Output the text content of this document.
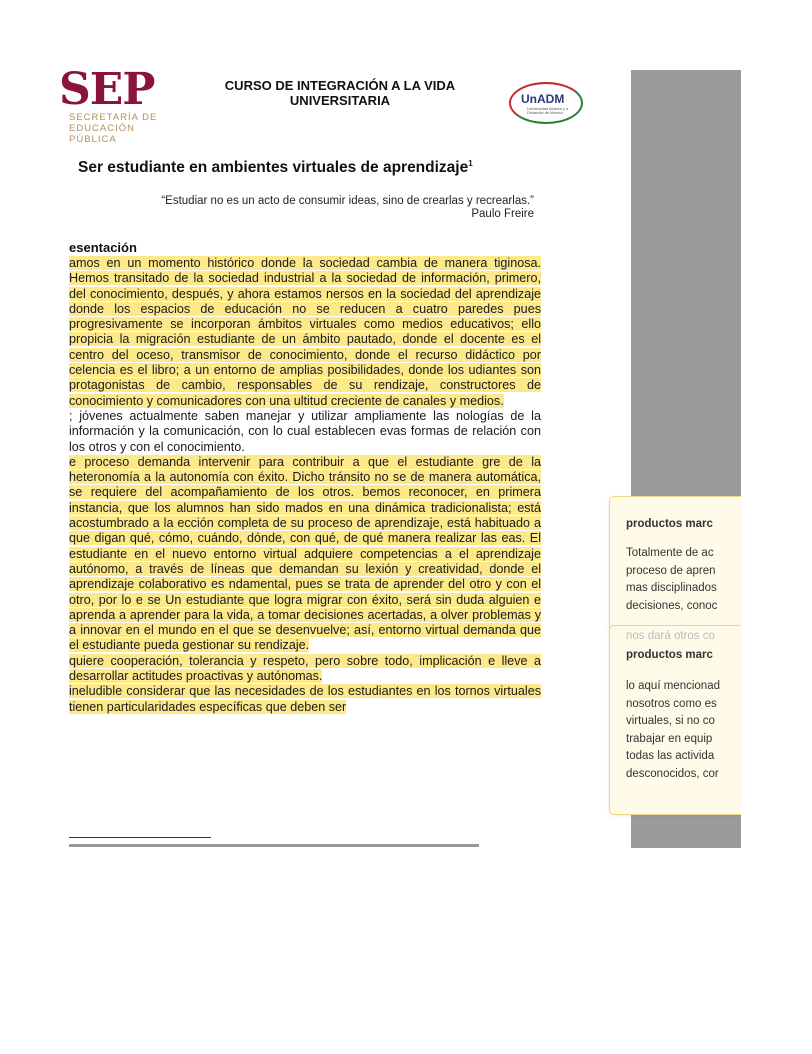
SEP
SECRETARÍA DE
EDUCACIÓN PÚBLICA
CURSO DE INTEGRACIÓN A LA VIDA UNIVERSITARIA	UnADM
Universidad Abierta y a Distancia de México
Ser estudiante en ambientes virtuales de aprendizaje$^1$
“Estudiar no es un acto de consumir ideas, sino de crearlas y recrearlas.”
Paulo Freire
esentación

amos en un momento histórico donde la sociedad cambia de manera tiginosa. Hemos transitado de la sociedad industrial a la sociedad de información, primero, del conocimiento, después, y ahora estamos nersos en la sociedad del aprendizaje donde los espacios de educación no se reducen a cuatro paredes pues progresivamente se incorporan ámbitos virtuales como medios educativos; ello propicia la migración estudiante de un ámbito pautado, donde el docente es el centro del oceso, transmisor de conocimiento, donde el recurso didáctico por celencia es el libro; a un entorno de amplias posibilidades, donde los udiantes son protagonistas de cambio, responsables de su rendizaje, constructores de conocimiento y comunicadores con una ultitud creciente de canales y medios.

; jóvenes actualmente saben manejar y utilizar ampliamente las nologías de la información y la comunicación, con lo cual establecen evas formas de relación con los otros y con el conocimiento.

e proceso demanda intervenir para contribuir a que el estudiante gre de la heteronomía a la autonomía con éxito. Dicho tránsito no se de manera automática, se requiere del acompañamiento de los otros. bemos reconocer, en primera instancia, que los alumnos han sido mados en una dinámica tradicionalista; está acostumbrado a la ección completa de su proceso de aprendizaje, está habituado a que digan qué, cómo, cuándo, dónde, con qué, de qué manera realizar las eas. El estudiante en el nuevo entorno virtual adquiere competencias a el aprendizaje autónomo, a través de líneas que demandan su lexión y creatividad, donde el aprendizaje colaborativo es ndamental, pues se trata de aprender del otro y con el otro, por lo e se Un estudiante que logra migrar con éxito, será sin duda alguien e aprenda a aprender para la vida, a tomar decisiones acertadas, a olver problemas y a innovar en el mundo en el que se desenvuelve; así, entorno virtual demanda que el estudiante pueda gestionar su rendizaje.

quiere cooperación, tolerancia y respeto, pero sobre todo, implicación e lleve a desarrollar actitudes proactivas y autónomas.

ineludible considerar que las necesidades de los estudiantes en los tornos virtuales tienen particularidades específicas que deben ser

productos marc
Totalmente de ac
proceso de apren
mas disciplinados
decisiones, conoc
nos dará otros co
productos marc
lo aquí mencionad
nosotros como es
virtuales, si no co
trabajar en equip
todas las activida
desconocidos, cor
